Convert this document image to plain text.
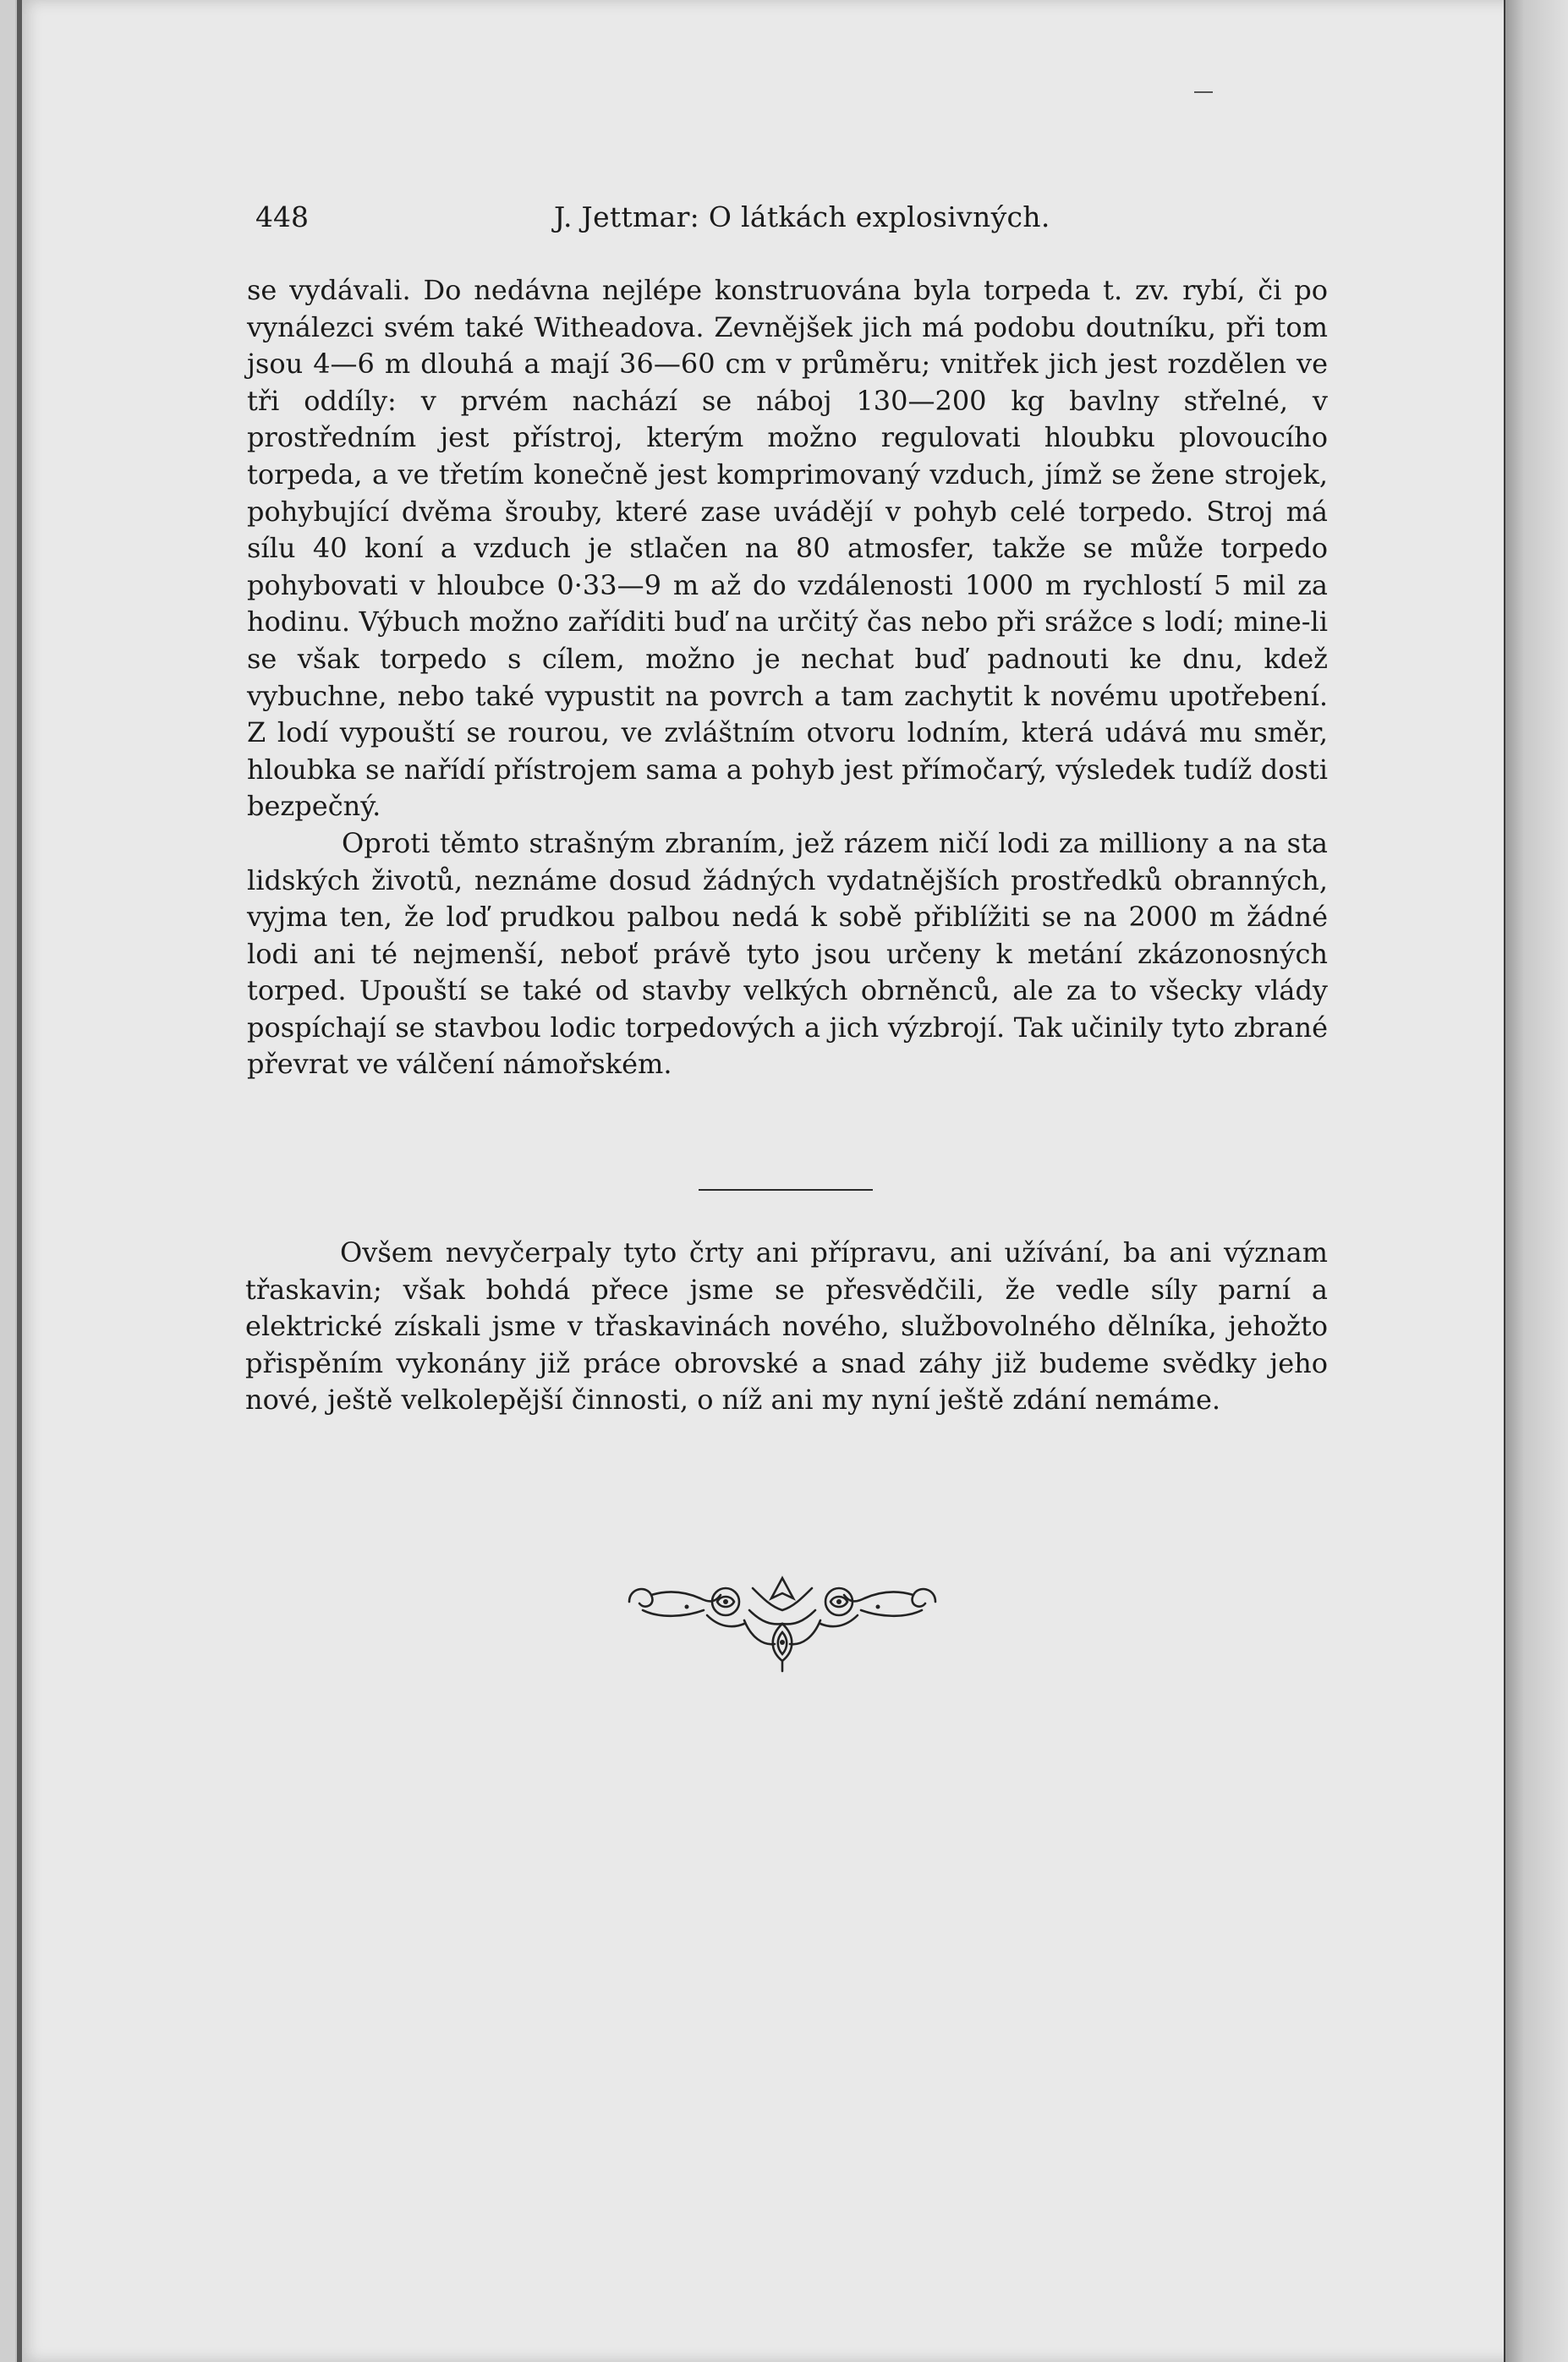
448	J. Jettmar: O látkách explosivných.

se vydávali. Do nedávna nejlépe konstruována byla torpeda t. zv. rybí, či po vynálezci svém také Witheadova. Zevnějšek jich má podobu doutníku, při tom jsou 4—6 m dlouhá a mají 36—60 cm v průměru; vnitřek jich jest rozdělen ve tři oddíly: v prvém nachází se náboj 130—200 kg bavlny střelné, v prostředním jest přístroj, kterým možno regulovati hloubku plovoucího torpeda, a ve třetím konečně jest komprimovaný vzduch, jímž se žene strojek, pohybující dvěma šrouby, které zase uvádějí v pohyb celé torpedo. Stroj má sílu 40 koní a vzduch je stlačen na 80 atmosfer, takže se může torpedo pohybovati v hloubce 0·33—9 m až do vzdálenosti 1000 m rychlostí 5 mil za hodinu. Výbuch možno zaříditi buď na určitý čas nebo při srážce s lodí; mine-li se však torpedo s cílem, možno je nechat buď padnouti ke dnu, kdež vybuchne, nebo také vypustit na povrch a tam zachytit k novému upotřebení. Z lodí vypouští se rourou, ve zvláštním otvoru lodním, která udává mu směr, hloubka se nařídí přístrojem sama a pohyb jest přímočarý, výsledek tudíž dosti bezpečný.

Oproti těmto strašným zbraním, jež rázem ničí lodi za milliony a na sta lidských životů, neznáme dosud žádných vydatnějších prostředků obranných, vyjma ten, že loď prudkou palbou nedá k sobě přiblížiti se na 2000 m žádné lodi ani té nejmenší, neboť právě tyto jsou určeny k metání zkázonosných torped. Upouští se také od stavby velkých obrněnců, ale za to všecky vlády pospíchají se stavbou lodic torpedových a jich výzbrojí. Tak učinily tyto zbrané převrat ve válčení námořském.

Ovšem nevyčerpaly tyto črty ani přípravu, ani užívání, ba ani význam třaskavin; však bohdá přece jsme se přesvědčili, že vedle síly parní a elektrické získali jsme v třaskavinách nového, službovolného dělníka, jehožto přispěním vykonány již práce obrovské a snad záhy již budeme svědky jeho nové, ještě velkolepější činnosti, o níž ani my nyní ještě zdání nemáme.
